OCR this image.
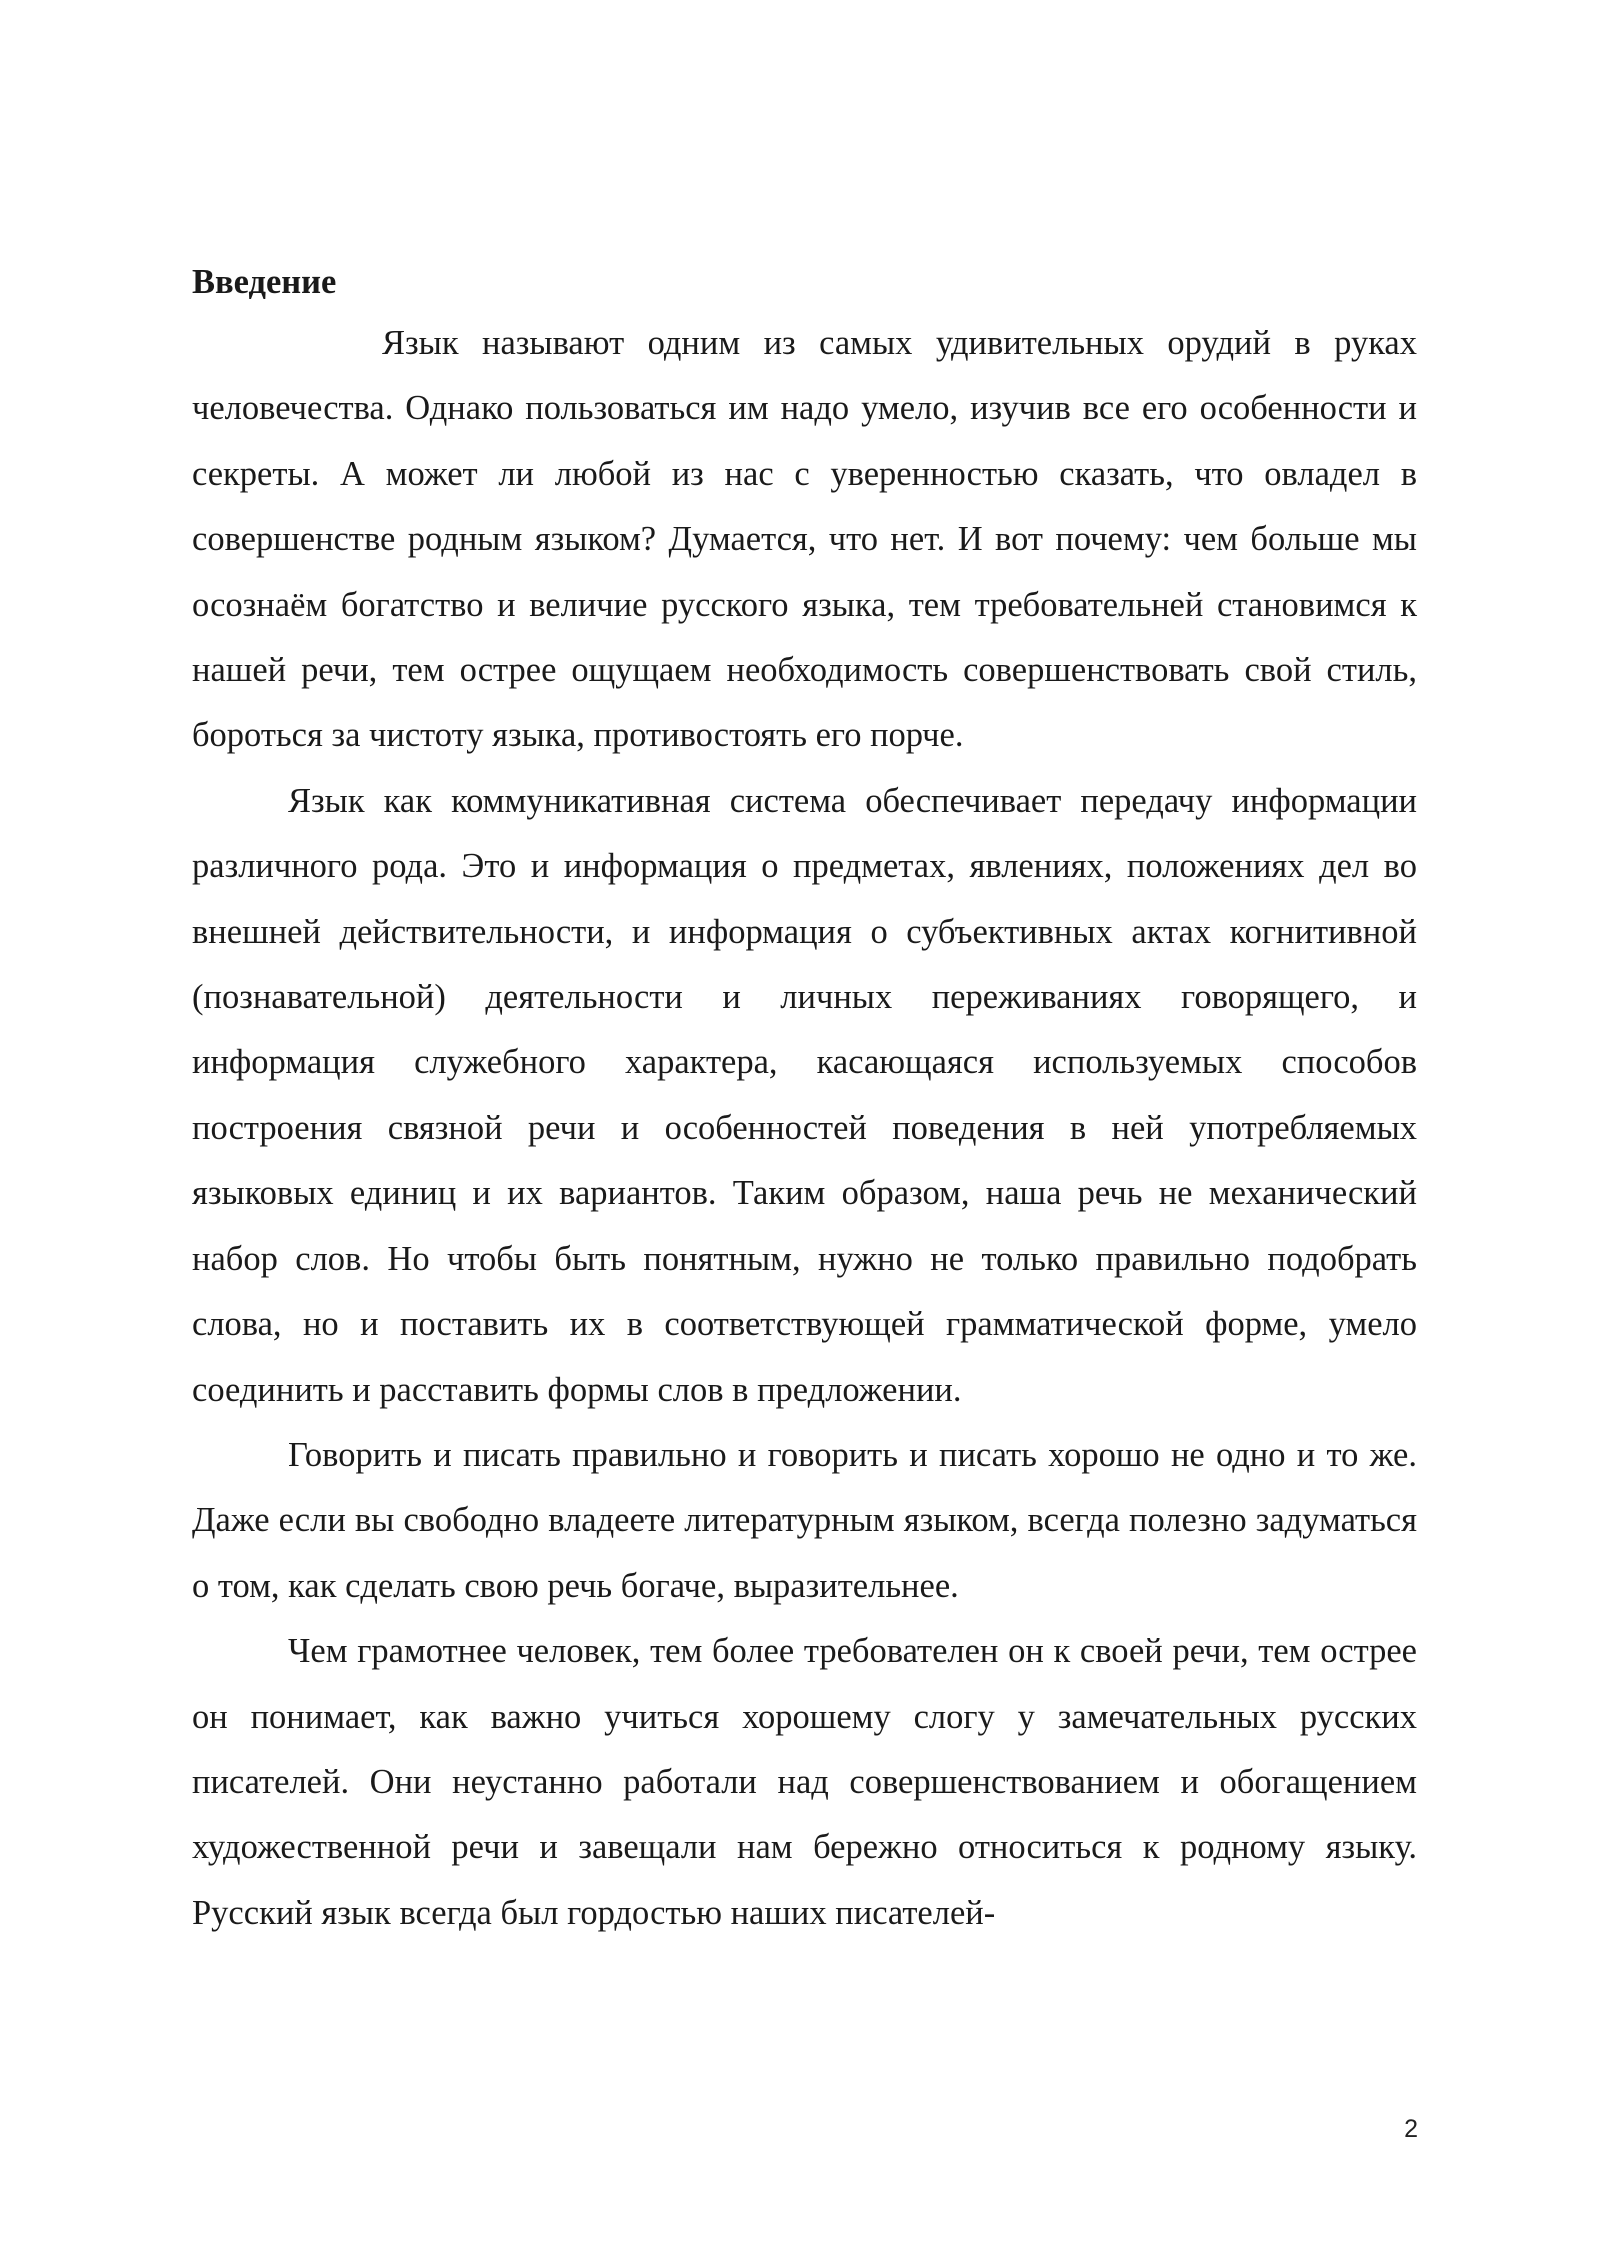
Введение

Язык называют одним из самых удивительных орудий в руках человечества. Однако пользоваться им надо умело, изучив все его особенности и секреты. А может ли любой из нас с уверенностью сказать, что овладел в совершенстве родным языком? Думается, что нет. И вот почему: чем больше мы осознаём богатство и величие русского языка, тем требовательней становимся к нашей речи, тем острее ощущаем необходимость совершенствовать свой стиль, бороться за чистоту языка, противостоять его порче.

Язык как коммуникативная система обеспечивает передачу информации различного рода. Это и информация о предметах, явлениях, положениях дел во внешней действительности, и информация о субъективных актах когнитивной (познавательной) деятельности и личных переживаниях говорящего, и информация служебного характера, касающаяся используемых способов построения связной речи и особенностей поведения в ней употребляемых языковых единиц и их вариантов. Таким образом, наша речь не механический набор слов. Но чтобы быть понятным, нужно не только правильно подобрать слова, но и поставить их в соответствующей грамматической форме, умело соединить и расставить формы слов в предложении.

Говорить и писать правильно и говорить и писать хорошо не одно и то же. Даже если вы свободно владеете литературным языком, всегда полезно задуматься о том, как сделать свою речь богаче, выразительнее.

Чем грамотнее человек, тем более требователен он к своей речи, тем острее он понимает, как важно учиться хорошему слогу у замечательных русских писателей. Они неустанно работали над совершенствованием и обогащением художественной речи и завещали нам бережно относиться к родному языку. Русский язык всегда был гордостью наших писателей-

2
